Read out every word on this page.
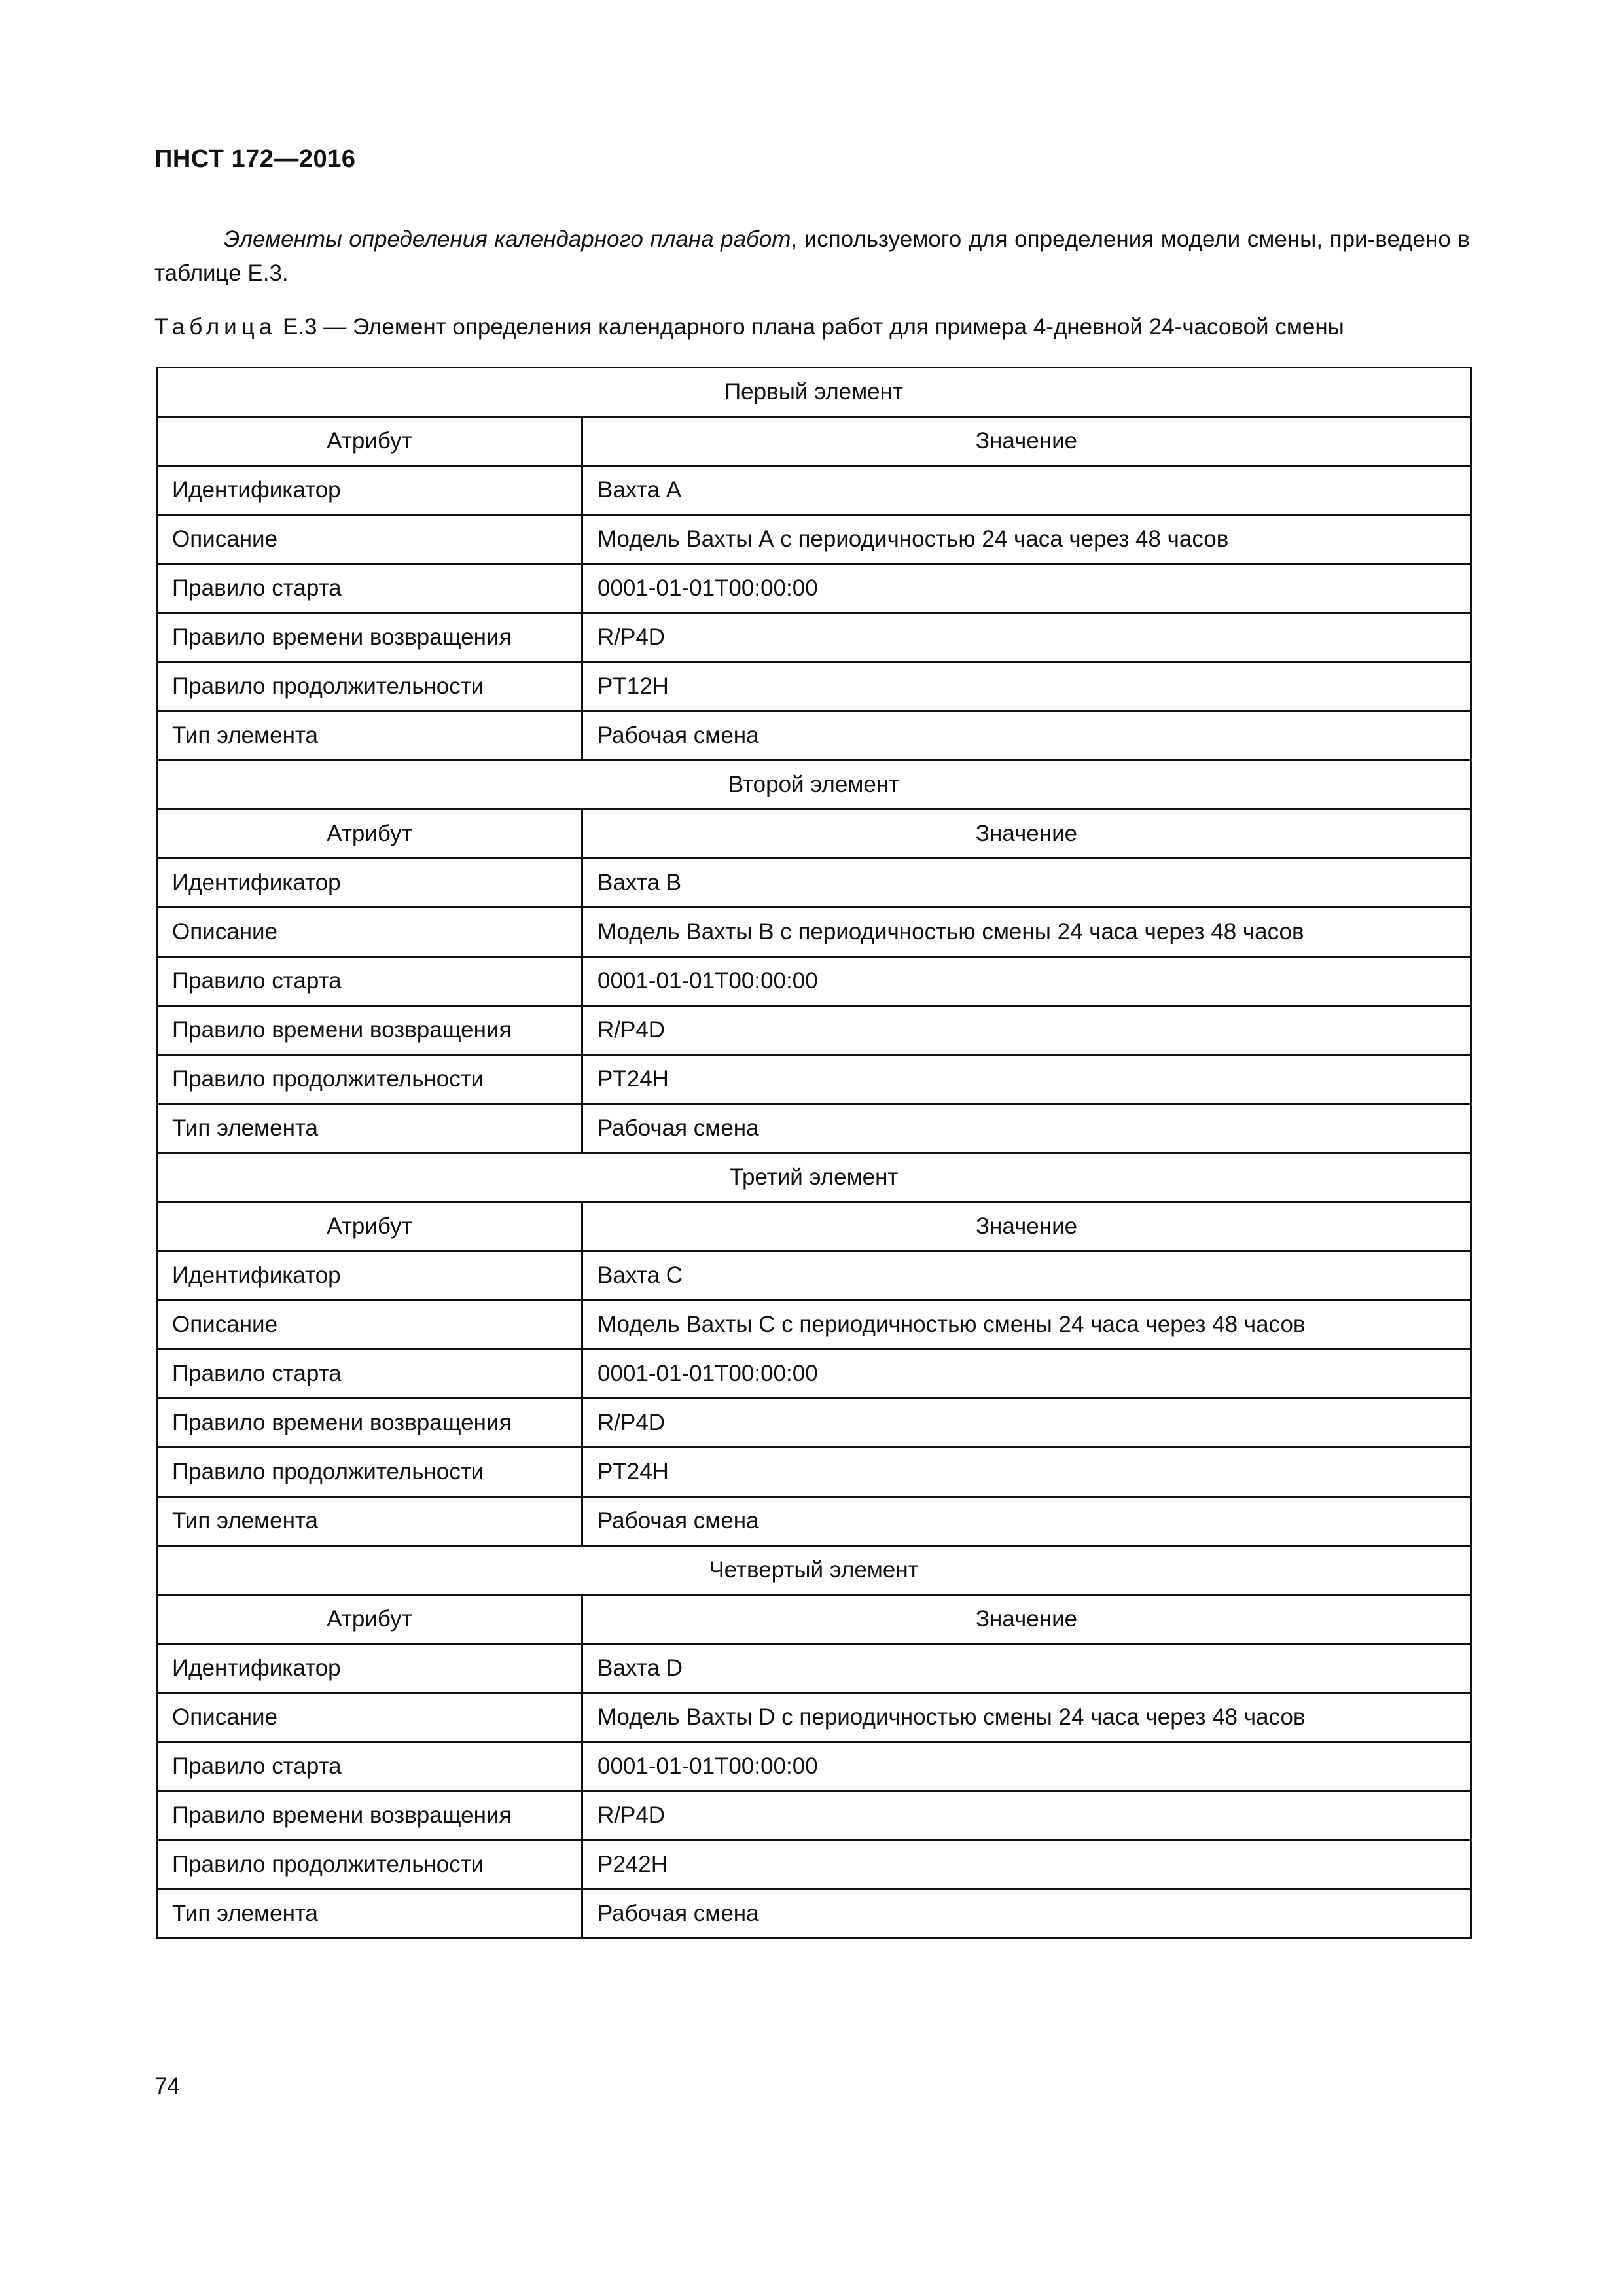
ПНСТ 172—2016

Элементы определения календарного плана работ, используемого для определения модели смены, при-ведено в таблице Е.3.

Таблица Е.3 — Элемент определения календарного плана работ для примера 4-дневной 24-часовой смены
Первый элемент	
Атрибут	Значение
Идентификатор	Вахта А
Описание	Модель Вахты А с периодичностью 24 часа через 48 часов
Правило старта	0001-01-01T00:00:00
Правило времени возвращения	R/P4D
Правило продолжительности	PT12H
Тип элемента	Рабочая смена
Второй элемент	
Атрибут	Значение
Идентификатор	Вахта В
Описание	Модель Вахты В с периодичностью смены 24 часа через 48 часов
Правило старта	0001-01-01T00:00:00
Правило времени возвращения	R/P4D
Правило продолжительности	PT24H
Тип элемента	Рабочая смена
Третий элемент	
Атрибут	Значение
Идентификатор	Вахта С
Описание	Модель Вахты С с периодичностью смены 24 часа через 48 часов
Правило старта	0001-01-01T00:00:00
Правило времени возвращения	R/P4D
Правило продолжительности	PT24H
Тип элемента	Рабочая смена
Четвертый элемент	
Атрибут	Значение
Идентификатор	Вахта D
Описание	Модель Вахты D с периодичностью смены 24 часа через 48 часов
Правило старта	0001-01-01T00:00:00
Правило времени возвращения	R/P4D
Правило продолжительности	P242H
Тип элемента	Рабочая смена
74
